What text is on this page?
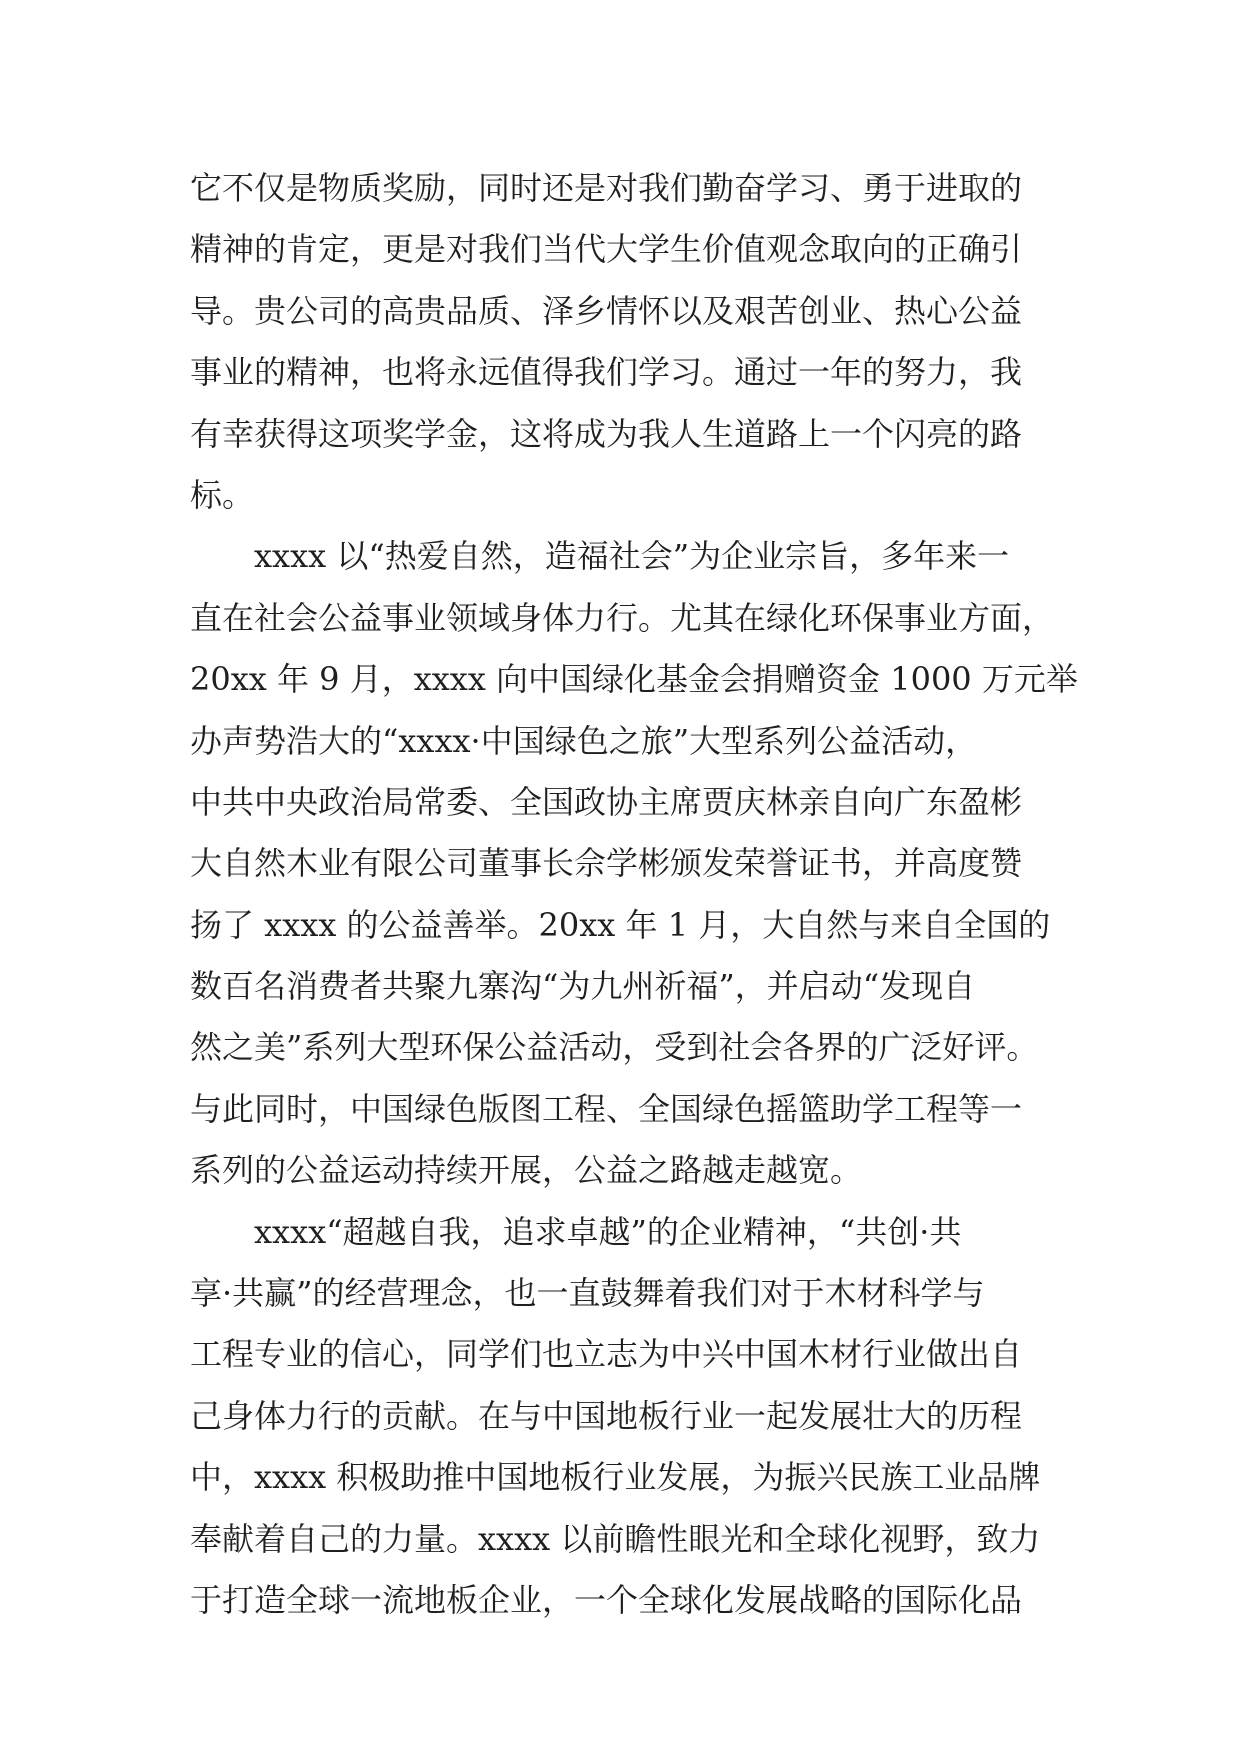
它不仅是物质奖励，同时还是对我们勤奋学习、勇于进取的
精神的肯定，更是对我们当代大学生价值观念取向的正确引
导。贵公司的高贵品质、泽乡情怀以及艰苦创业、热心公益
事业的精神，也将永远值得我们学习。通过一年的努力，我
有幸获得这项奖学金，这将成为我人生道路上一个闪亮的路
标。
xxxx 以“热爱自然，造福社会”为企业宗旨，多年来一
直在社会公益事业领域身体力行。尤其在绿化环保事业方面，
20xx 年 9 月，xxxx 向中国绿化基金会捐赠资金 1000 万元举
办声势浩大的“xxxx·中国绿色之旅”大型系列公益活动，
中共中央政治局常委、全国政协主席贾庆林亲自向广东盈彬
大自然木业有限公司董事长佘学彬颁发荣誉证书，并高度赞
扬了 xxxx 的公益善举。20xx 年 1 月，大自然与来自全国的
数百名消费者共聚九寨沟“为九州祈福”，并启动“发现自
然之美”系列大型环保公益活动，受到社会各界的广泛好评。
与此同时，中国绿色版图工程、全国绿色摇篮助学工程等一
系列的公益运动持续开展，公益之路越走越宽。
xxxx“超越自我，追求卓越”的企业精神，“共创·共
享·共赢”的经营理念，也一直鼓舞着我们对于木材科学与
工程专业的信心，同学们也立志为中兴中国木材行业做出自
己身体力行的贡献。在与中国地板行业一起发展壮大的历程
中，xxxx 积极助推中国地板行业发展，为振兴民族工业品牌
奉献着自己的力量。xxxx 以前瞻性眼光和全球化视野，致力
于打造全球一流地板企业，一个全球化发展战略的国际化品
